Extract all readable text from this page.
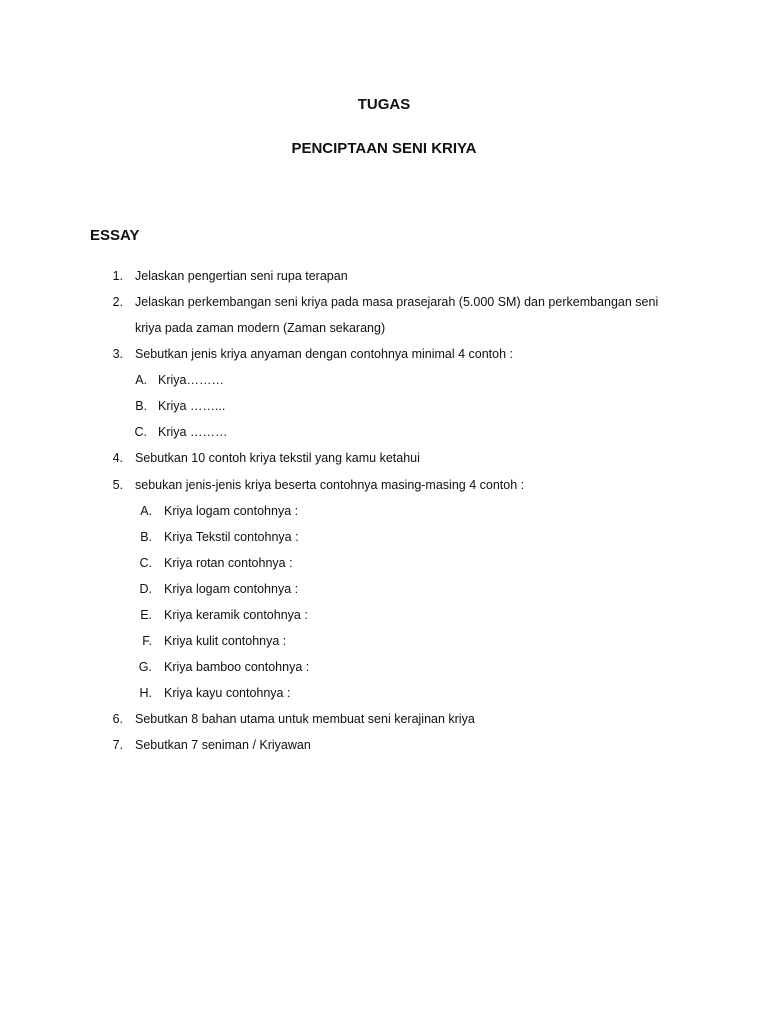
TUGAS
PENCIPTAAN SENI KRIYA
ESSAY
1. Jelaskan pengertian seni rupa terapan
2. Jelaskan perkembangan seni kriya pada masa prasejarah (5.000 SM) dan perkembangan seni
kriya pada zaman modern (Zaman sekarang)
3. Sebutkan jenis kriya anyaman dengan contohnya minimal 4 contoh :
A. Kriya………
B. Kriya ……...
C. Kriya ………
4. Sebutkan 10 contoh kriya tekstil yang kamu ketahui
5. sebukan jenis-jenis kriya beserta contohnya masing-masing 4 contoh :
A. Kriya logam contohnya :
B. Kriya Tekstil contohnya :
C. Kriya rotan contohnya :
D. Kriya logam contohnya :
E. Kriya keramik contohnya :
F. Kriya kulit contohnya :
G. Kriya bamboo contohnya :
H. Kriya kayu contohnya :
6. Sebutkan 8 bahan utama untuk membuat seni kerajinan kriya
7. Sebutkan 7 seniman / Kriyawan
